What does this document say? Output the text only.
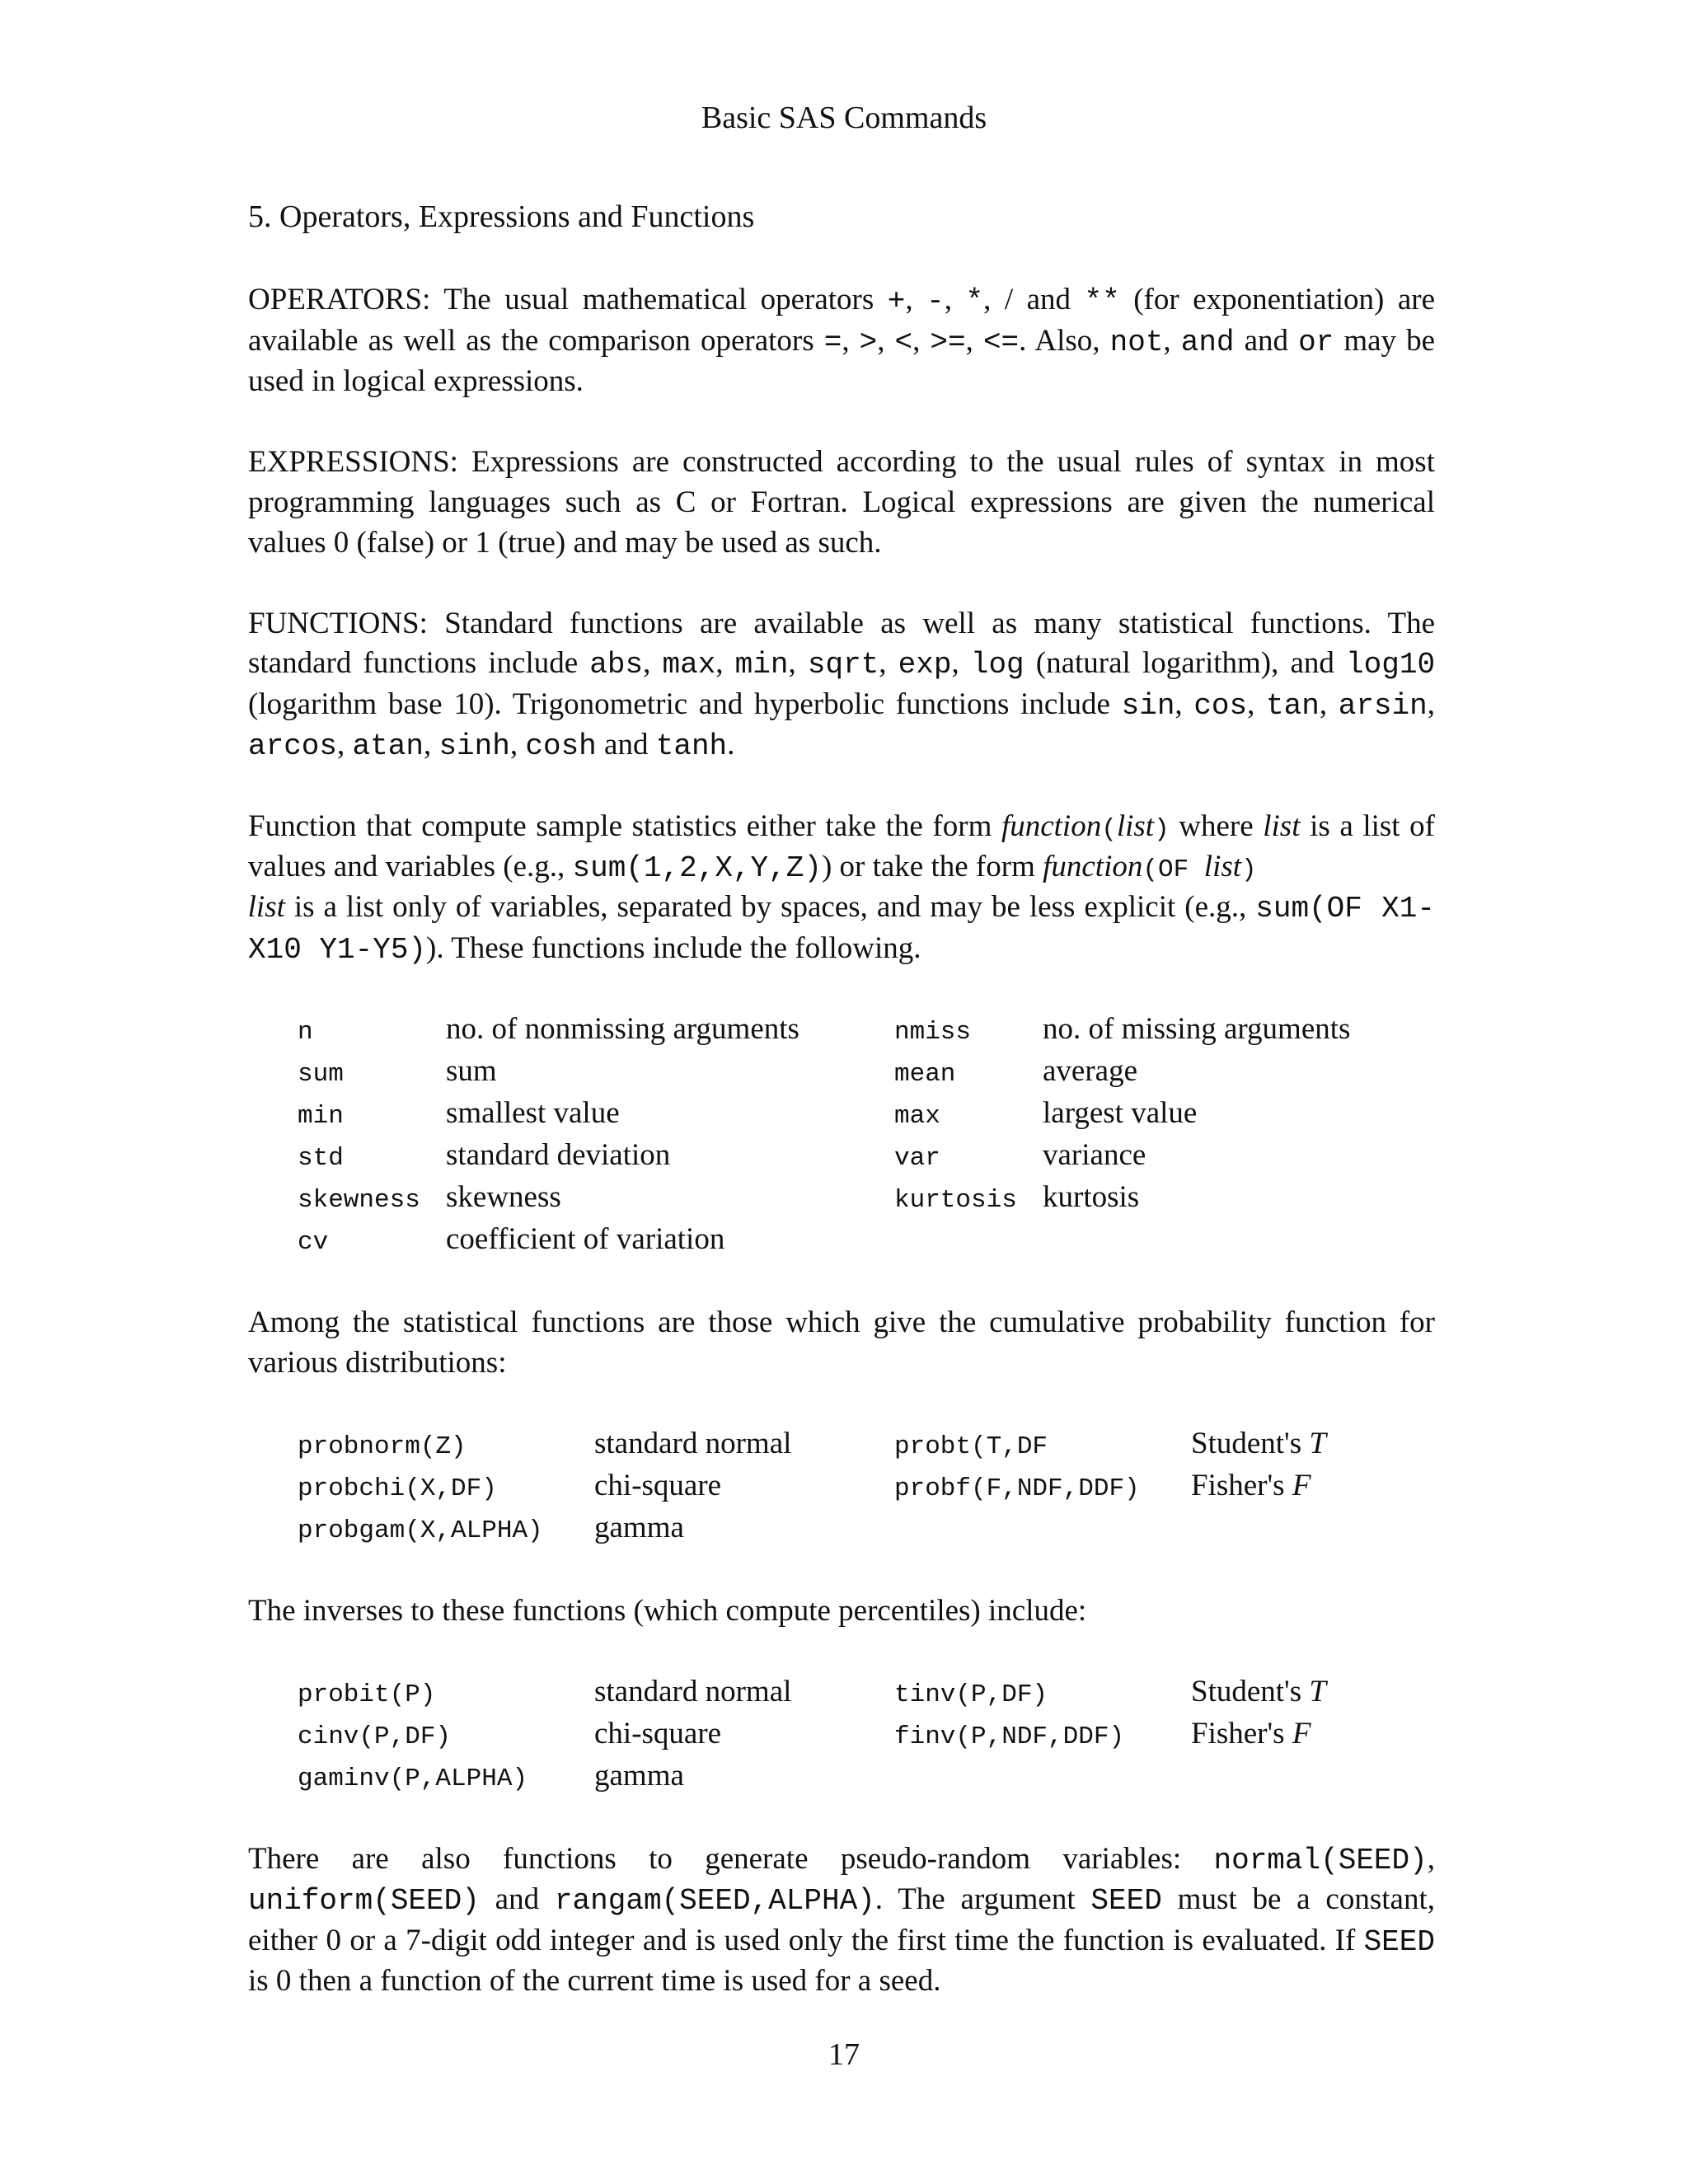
Basic SAS Commands
5. Operators, Expressions and Functions

OPERATORS: The usual mathematical operators +, -, *, / and ** (for exponentiation) are available as well as the comparison operators =, >, <, >=, <=. Also, not, and and or may be used in logical expressions.

EXPRESSIONS: Expressions are constructed according to the usual rules of syntax in most programming languages such as C or Fortran. Logical expressions are given the numerical values 0 (false) or 1 (true) and may be used as such.

FUNCTIONS: Standard functions are available as well as many statistical functions. The standard functions include abs, max, min, sqrt, exp, log (natural logarithm), and log10 (logarithm base 10). Trigonometric and hyperbolic functions include sin, cos, tan, arsin, arcos, atan, sinh, cosh and tanh.

Function that compute sample statistics either take the form function(list) where list is a list of values and variables (e.g., sum(1,2,X,Y,Z)) or take the form function(OF list)
list is a list only of variables, separated by spaces, and may be less explicit (e.g., sum(OF X1-X10 Y1-Y5)). These functions include the following.

n	no. of nonmissing arguments	nmiss	no. of missing arguments
sum	sum	mean	average
min	smallest value	max	largest value
std	standard deviation	var	variance
skewness	skewness	kurtosis	kurtosis
cv	coefficient of variation		

Among the statistical functions are those which give the cumulative probability function for various distributions:

probnorm(Z)	standard normal	probt(T,DF	Student's T
probchi(X,DF)	chi-square	probf(F,NDF,DDF)	Fisher's F
probgam(X,ALPHA)	gamma		

The inverses to these functions (which compute percentiles) include:

probit(P)	standard normal	tinv(P,DF)	Student's T
cinv(P,DF)	chi-square	finv(P,NDF,DDF)	Fisher's F
gaminv(P,ALPHA)	gamma		

There are also functions to generate pseudo-random variables: normal(SEED), uniform(SEED) and rangam(SEED,ALPHA). The argument SEED must be a constant, either 0 or a 7-digit odd integer and is used only the first time the function is evaluated. If SEED is 0 then a function of the current time is used for a seed.

17
